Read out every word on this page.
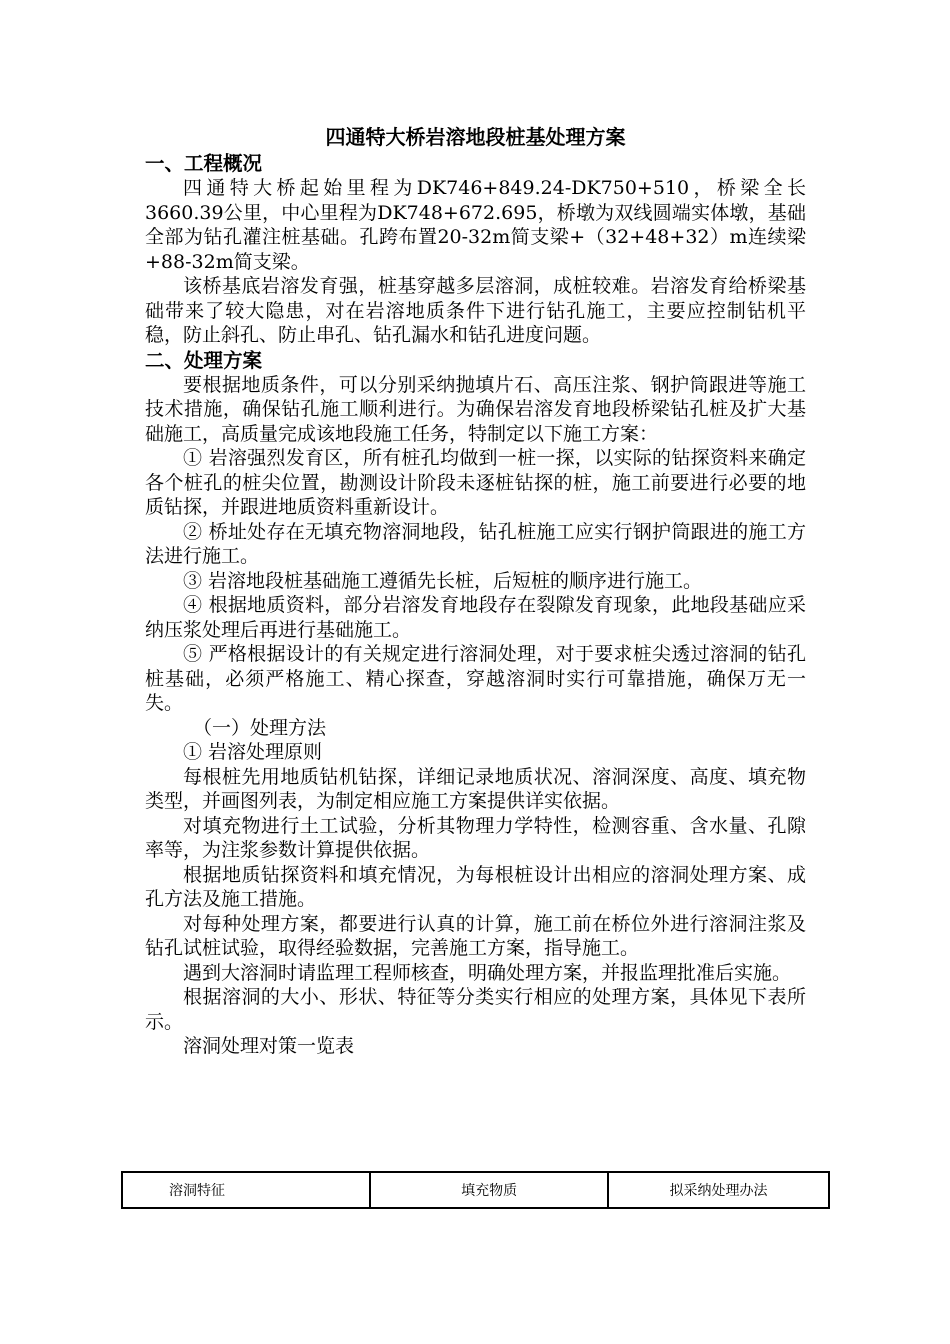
四通特大桥岩溶地段桩基处理方案

一、工程概况

四通特大桥起始里程为DK746+849.24-DK750+510，桥梁全长3660.39公里，中心里程为DK748+672.695，桥墩为双线圆端实体墩，基础全部为钻孔灌注桩基础。孔跨布置20-32m简支梁+（32+48+32）m连续梁+88-32m简支梁。

该桥基底岩溶发育强，桩基穿越多层溶洞，成桩较难。岩溶发育给桥梁基础带来了较大隐患，对在岩溶地质条件下进行钻孔施工，主要应控制钻机平稳，防止斜孔、防止串孔、钻孔漏水和钻孔进度问题。

二、处理方案

要根据地质条件，可以分别采纳抛填片石、高压注浆、钢护筒跟进等施工技术措施，确保钻孔施工顺利进行。为确保岩溶发育地段桥梁钻孔桩及扩大基础施工，高质量完成该地段施工任务，特制定以下施工方案：

① 岩溶强烈发育区，所有桩孔均做到一桩一探，以实际的钻探资料来确定各个桩孔的桩尖位置，勘测设计阶段未逐桩钻探的桩，施工前要进行必要的地质钻探，并跟进地质资料重新设计。

② 桥址处存在无填充物溶洞地段，钻孔桩施工应实行钢护筒跟进的施工方法进行施工。

③ 岩溶地段桩基础施工遵循先长桩，后短桩的顺序进行施工。

④ 根据地质资料，部分岩溶发育地段存在裂隙发育现象，此地段基础应采纳压浆处理后再进行基础施工。

⑤ 严格根据设计的有关规定进行溶洞处理，对于要求桩尖透过溶洞的钻孔桩基础，必须严格施工、精心探查，穿越溶洞时实行可靠措施，确保万无一失。

（一）处理方法

① 岩溶处理原则

每根桩先用地质钻机钻探，详细记录地质状况、溶洞深度、高度、填充物类型，并画图列表，为制定相应施工方案提供详实依据。

对填充物进行土工试验，分析其物理力学特性，检测容重、含水量、孔隙率等，为注浆参数计算提供依据。

根据地质钻探资料和填充情况，为每根桩设计出相应的溶洞处理方案、成孔方法及施工措施。

对每种处理方案，都要进行认真的计算，施工前在桥位外进行溶洞注浆及钻孔试桩试验，取得经验数据，完善施工方案，指导施工。

遇到大溶洞时请监理工程师核查，明确处理方案，并报监理批准后实施。

根据溶洞的大小、形状、特征等分类实行相应的处理方案，具体见下表所示。

溶洞处理对策一览表

溶洞特征	填充物质	拟采纳处理办法
